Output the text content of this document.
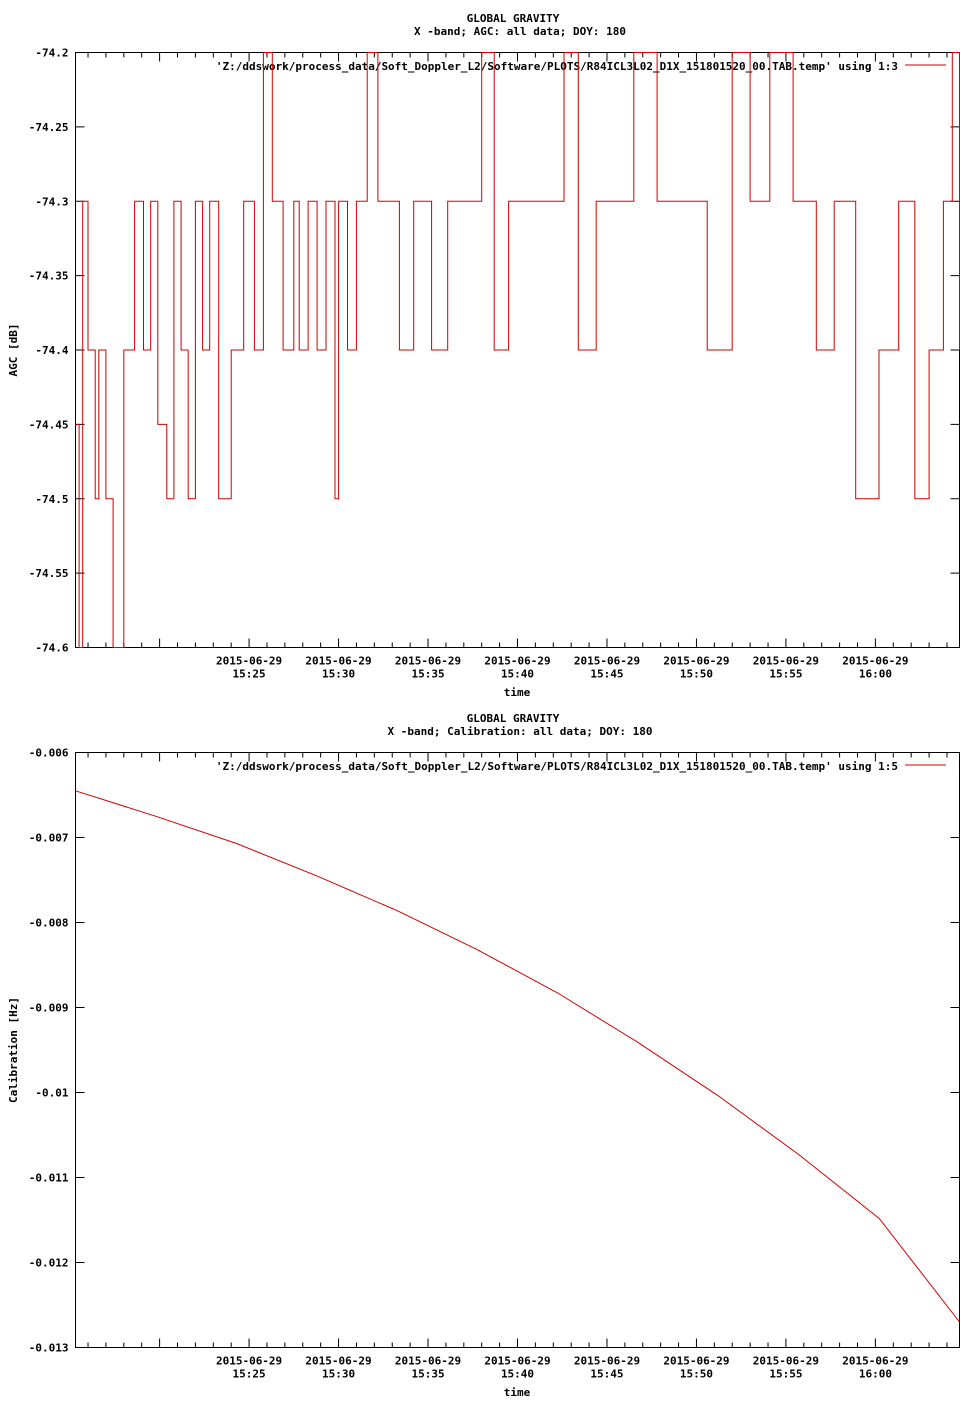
GLOBAL GRAVITY
X -band; AGC: all data; DOY: 180
-74.2
-74.25
-74.3
-74.35
-74.4
-74.45
-74.5
-74.55
-74.6
2015-06-29
15:25
2015-06-29
15:30
2015-06-29
15:35
2015-06-29
15:40
2015-06-29
15:45
2015-06-29
15:50
2015-06-29
15:55
2015-06-29
16:00
AGC [dB]
time
'Z:/ddswork/process_data/Soft_Doppler_L2/Software/PLOTS/R84ICL3L02_D1X_151801520_00.TAB.temp' using 1:3
GLOBAL GRAVITY
X -band; Calibration: all data; DOY: 180
-0.006
-0.007
-0.008
-0.009
-0.01
-0.011
-0.012
-0.013
2015-06-29
15:25
2015-06-29
15:30
2015-06-29
15:35
2015-06-29
15:40
2015-06-29
15:45
2015-06-29
15:50
2015-06-29
15:55
2015-06-29
16:00
Calibration [Hz]
time
'Z:/ddswork/process_data/Soft_Doppler_L2/Software/PLOTS/R84ICL3L02_D1X_151801520_00.TAB.temp' using 1:5
